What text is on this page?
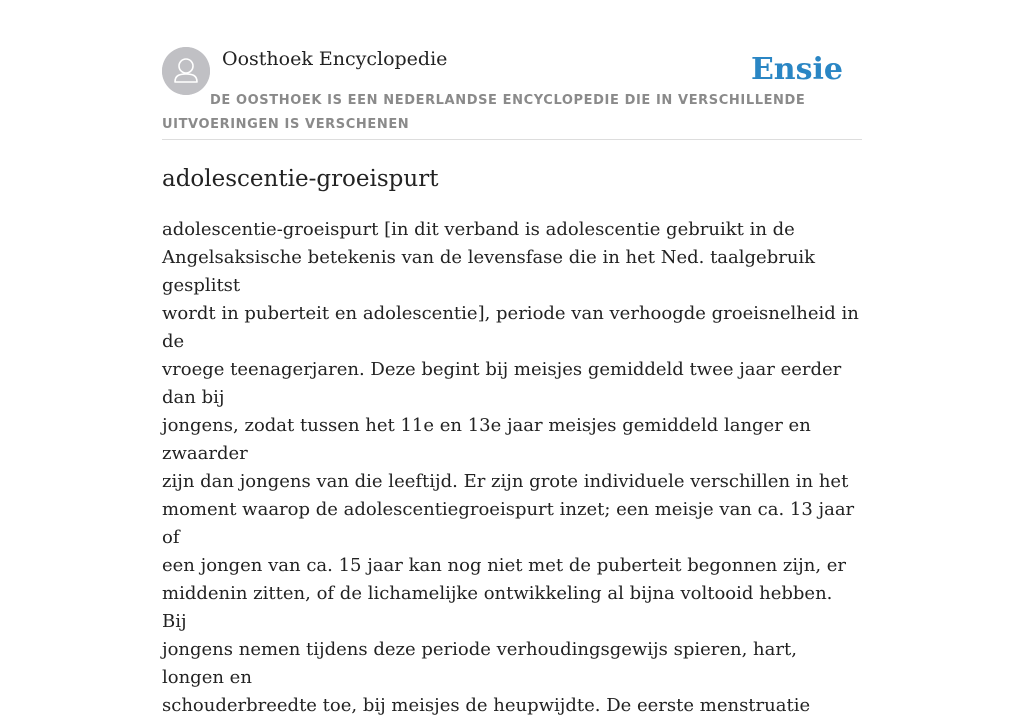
Oosthoek Encyclopedie	Ensie
DE OOSTHOEK IS EEN NEDERLANDSE ENCYCLOPEDIE DIE IN VERSCHILLENDE UITVOERINGEN IS VERSCHENEN
adolescentie-groeispurt

adolescentie-groeispurt [in dit verband is adolescentie gebruikt in de

Angelsaksische betekenis van de levensfase die in het Ned. taalgebruik gesplitst

wordt in puberteit en adolescentie], periode van verhoogde groeisnelheid in de

vroege teenagerjaren. Deze begint bij meisjes gemiddeld twee jaar eerder dan bij

jongens, zodat tussen het 11e en 13e jaar meisjes gemiddeld langer en zwaarder

zijn dan jongens van die leeftijd. Er zijn grote individuele verschillen in het

moment waarop de adolescentiegroeispurt inzet; een meisje van ca. 13 jaar of

een jongen van ca. 15 jaar kan nog niet met de puberteit begonnen zijn, er

middenin zitten, of de lichamelijke ontwikkeling al bijna voltooid hebben. Bij

jongens nemen tijdens deze periode verhoudingsgewijs spieren, hart, longen en

schouderbreedte toe, bij meisjes de heupwijdte. De eerste menstruatie
